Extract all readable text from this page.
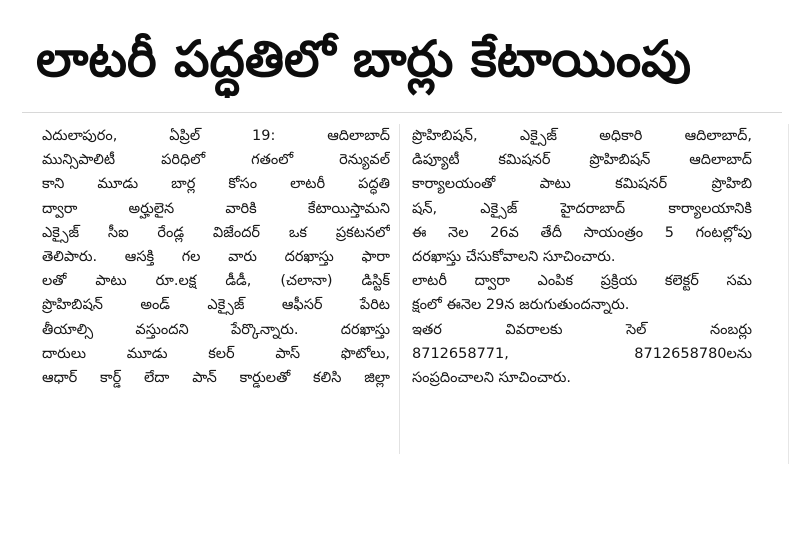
లాటరీ పద్ధతిలో బార్లు కేటాయింపు
ఎదులాపురం, ఏప్రిల్ 19: ఆదిలాబాద్
మున్సిపాలిటీ పరిధిలో గతంలో రెన్యువల్
కాని మూడు బార్ల కోసం లాటరీ పద్ధతి
ద్వారా అర్హులైన వారికి కేటాయిస్తామని
ఎక్సైజ్ సీఐ రేండ్ల విజేందర్ ఒక ప్రకటనలో
తెలిపారు. ఆసక్తి గల వారు దరఖాస్తు ఫారా
లతో పాటు రూ.లక్ష డీడీ, (చలానా) డిస్టిక్
ప్రొహిబిషన్ అండ్ ఎక్సైజ్ ఆఫీసర్ పేరిట
తీయాల్సి వస్తుందని పేర్కొన్నారు. దరఖాస్తు
దారులు మూడు కలర్ పాస్ ఫొటోలు,
ఆధార్ కార్డ్ లేదా పాన్ కార్డులతో కలిసి జిల్లా
ప్రొహిబిషన్, ఎక్సైజ్ అధికారి ఆదిలాబాద్,
డిప్యూటీ కమిషనర్ ప్రొహిబిషన్ ఆదిలాబాద్
కార్యాలయంతో పాటు కమిషనర్ ప్రొహిబి
షన్, ఎక్సైజ్ హైదరాబాద్ కార్యాలయానికి
ఈ నెల 26వ తేదీ సాయంత్రం 5 గంటల్లోపు
దరఖాస్తు చేసుకోవాలని సూచించారు.
లాటరీ ద్వారా ఎంపిక ప్రక్రియ కలెక్టర్ సమ
క్షంలో ఈనెల 29న జరుగుతుందన్నారు.
ఇతర వివరాలకు సెల్ నంబర్లు
8712658771, 8712658780లను
సంప్రదించాలని సూచించారు.
